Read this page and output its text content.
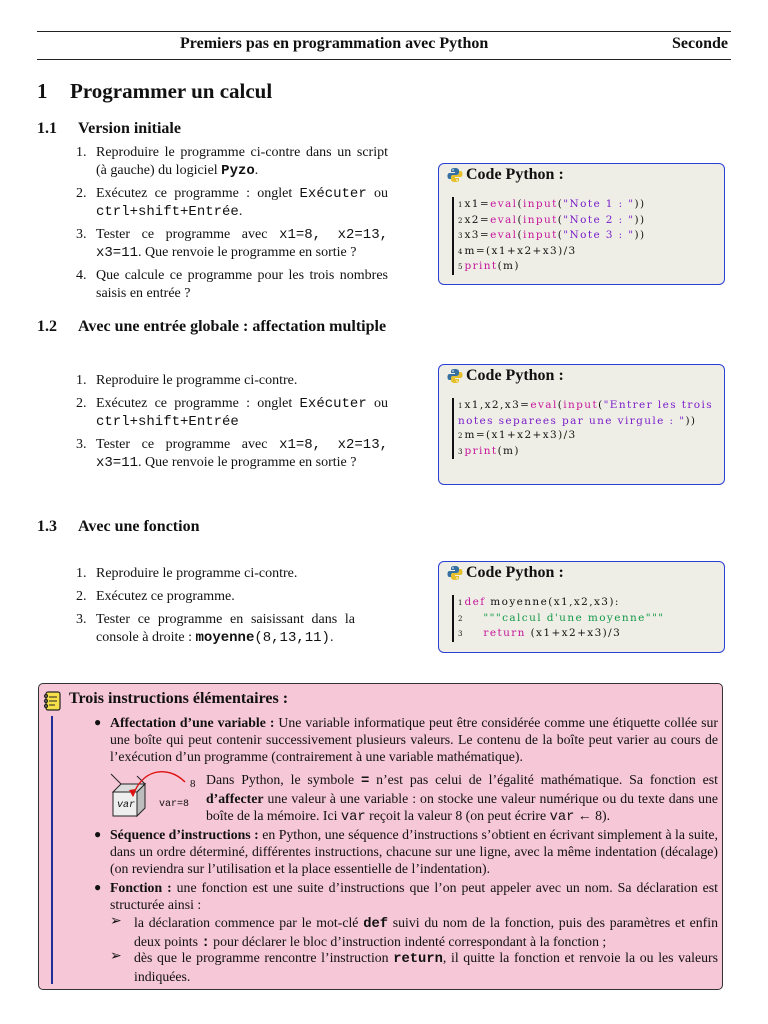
Premiers pas en programmation avec Python	Seconde
1 Programmer un calcul
1.1 Version initiale
1. Reproduire le programme ci-contre dans un script (à gauche) du logiciel Pyzo.
2. Exécutez ce programme : onglet Exécuter ou ctrl+shift+Entrée.
3. Tester ce programme avec x1=8, x2=13, x3=11. Que renvoie le programme en sortie ?
4. Que calcule ce programme pour les trois nombres saisis en entrée ?
Code Python :
1 x1=eval(input("Note 1 : "))
2 x2=eval(input("Note 2 : "))
3 x3=eval(input("Note 3 : "))
4 m=(x1+x2+x3)/3
5 print(m)
1.2 Avec une entrée globale : affectation multiple
1. Reproduire le programme ci-contre.
2. Exécutez ce programme : onglet Exécuter ou ctrl+shift+Entrée
3. Tester ce programme avec x1=8, x2=13, x3=11. Que renvoie le programme en sortie ?
Code Python :
1 x1,x2,x3=eval(input("Entrer les trois notes separees par une virgule : "))
2 m=(x1+x2+x3)/3
3 print(m)
1.3 Avec une fonction
1. Reproduire le programme ci-contre.
2. Exécutez ce programme.
3. Tester ce programme en saisissant dans la console à droite : moyenne(8,13,11).
Code Python :
1 def moyenne(x1,x2,x3):
2 """calcul d'une moyenne"""
3 return (x1+x2+x3)/3
Trois instructions élémentaires :
● Affectation d’une variable : Une variable informatique peut être considérée comme une étiquette collée sur une boîte qui peut contenir successivement plusieurs valeurs. Le contenu de la boîte peut varier au cours de l’exécution d’un programme (contrairement à une variable mathématique).
var
8
var=8
Dans Python, le symbole = n’est pas celui de l’égalité mathématique. Sa fonction est d’affecter une valeur à une variable : on stocke une valeur numérique ou du texte dans une boîte de la mémoire. Ici var reçoit la valeur 8 (on peut écrire var ← 8).
● Séquence d’instructions : en Python, une séquence d’instructions s’obtient en écrivant simplement à la suite, dans un ordre déterminé, différentes instructions, chacune sur une ligne, avec la même indentation (décalage) (on reviendra sur l’utilisation et la place essentielle de l’indentation).
● Fonction : une fonction est une suite d’instructions que l’on peut appeler avec un nom. Sa déclaration est structurée ainsi :
➢ la déclaration commence par le mot-clé def suivi du nom de la fonction, puis des paramètres et enfin deux points : pour déclarer le bloc d’instruction indenté correspondant à la fonction ;
➢ dès que le programme rencontre l’instruction return, il quitte la fonction et renvoie la ou les valeurs indiquées.
